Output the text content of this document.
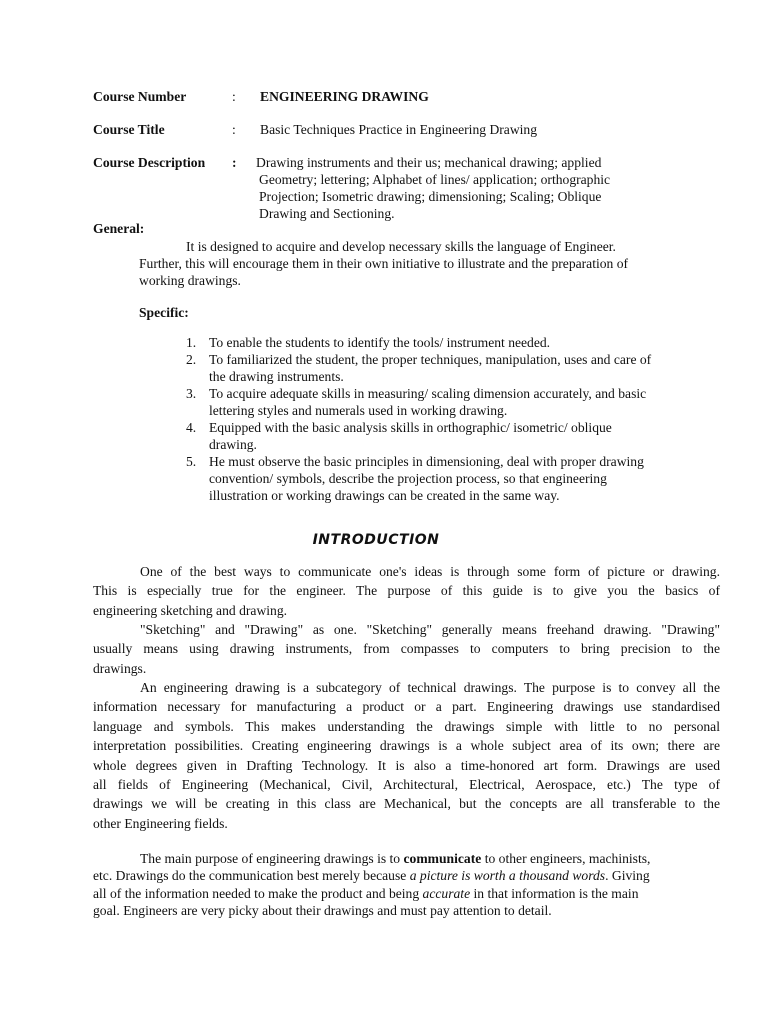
Course Number	: ENGINEERING DRAWING
Course Title	: Basic Techniques Practice in Engineering Drawing
Course Description : Drawing instruments and their us; mechanical drawing; applied
Geometry; lettering; Alphabet of lines/ application; orthographic
Projection; Isometric drawing; dimensioning; Scaling; Oblique
Drawing and Sectioning.
General:
It is designed to acquire and develop necessary skills the language of Engineer.
Further, this will encourage them in their own initiative to illustrate and the preparation of
working drawings.
Specific:
1. To enable the students to identify the tools/ instrument needed.
2. To familiarized the student, the proper techniques, manipulation, uses and care of
the drawing instruments.
3. To acquire adequate skills in measuring/ scaling dimension accurately, and basic
lettering styles and numerals used in working drawing.
4. Equipped with the basic analysis skills in orthographic/ isometric/ oblique
drawing.
5. He must observe the basic principles in dimensioning, deal with proper drawing
convention/ symbols, describe the projection process, so that engineering
illustration or working drawings can be created in the same way.
INTRODUCTION
One of the best ways to communicate one's ideas is through some form of picture or drawing.
This is especially true for the engineer. The purpose of this guide is to give you the basics of
engineering sketching and drawing.
"Sketching" and "Drawing" as one. "Sketching" generally means freehand drawing. "Drawing"
usually means using drawing instruments, from compasses to computers to bring precision to the
drawings.
An engineering drawing is a subcategory of technical drawings. The purpose is to convey all the
information necessary for manufacturing a product or a part. Engineering drawings use standardised
language and symbols. This makes understanding the drawings simple with little to no personal
interpretation possibilities. Creating engineering drawings is a whole subject area of its own; there are
whole degrees given in Drafting Technology. It is also a time-honored art form. Drawings are used
all fields of Engineering (Mechanical, Civil, Architectural, Electrical, Aerospace, etc.) The type of
drawings we will be creating in this class are Mechanical, but the concepts are all transferable to the
other Engineering fields.
The main purpose of engineering drawings is to communicate to other engineers, machinists,
etc. Drawings do the communication best merely because a picture is worth a thousand words. Giving
all of the information needed to make the product and being accurate in that information is the main
goal. Engineers are very picky about their drawings and must pay attention to detail.
